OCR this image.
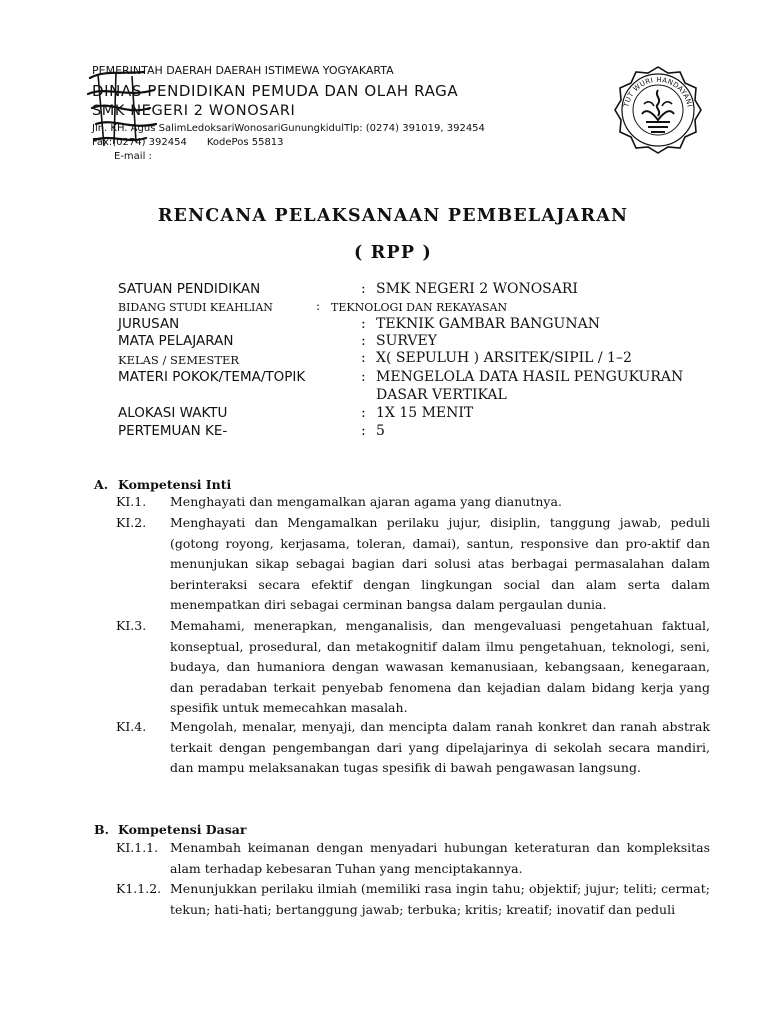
PEMERINTAH DAERAH DAERAH ISTIMEWA YOGYAKARTA
DINAS PENDIDIKAN PEMUDA DAN OLAH RAGA
SMK NEGERI 2 WONOSARI
Jln. KH. Agus SalimLedoksariWonosariGunungkidulTlp: (0274) 391019, 392454
Fax:(0274) 392454 KodePos 55813
E-mail :
TUT WURI HANDAYANI
RENCANA PELAKSANAAN PEMBELAJARAN
( RPP )
SATUAN PENDIDIKAN	: SMK NEGERI 2 WONOSARI
BIDANG STUDI KEAHLIAN	: TEKNOLOGI DAN REKAYASAN
JURUSAN	: TEKNIK GAMBAR BANGUNAN
MATA PELAJARAN	: SURVEY
KELAS / SEMESTER	: X( SEPULUH ) ARSITEK/SIPIL / 1–2
MATERI POKOK/TEMA/TOPIK	: MENGELOLA DATA HASIL PENGUKURAN
DASAR VERTIKAL
ALOKASI WAKTU	: 1X 15 MENIT
PERTEMUAN KE-	: 5
A. Kompetensi Inti
KI.1. Menghayati dan mengamalkan ajaran agama yang dianutnya.
KI.2. Menghayati dan Mengamalkan perilaku jujur, disiplin, tanggung jawab, peduli (gotong royong, kerjasama, toleran, damai), santun, responsive dan pro-aktif dan menunjukan sikap sebagai bagian dari solusi atas berbagai permasalahan dalam berinteraksi secara efektif dengan lingkungan social dan alam serta dalam menempatkan diri sebagai cerminan bangsa dalam pergaulan dunia.
KI.3. Memahami, menerapkan, menganalisis, dan mengevaluasi pengetahuan faktual, konseptual, prosedural, dan metakognitif dalam ilmu pengetahuan, teknologi, seni, budaya, dan humaniora dengan wawasan kemanusiaan, kebangsaan, kenegaraan, dan peradaban terkait penyebab fenomena dan kejadian dalam bidang kerja yang spesifik untuk memecahkan masalah.
KI.4. Mengolah, menalar, menyaji, dan mencipta dalam ranah konkret dan ranah abstrak terkait dengan pengembangan dari yang dipelajarinya di sekolah secara mandiri, dan mampu melaksanakan tugas spesifik di bawah pengawasan langsung.
B. Kompetensi Dasar
KI.1.1. Menambah keimanan dengan menyadari hubungan keteraturan dan kompleksitas alam terhadap kebesaran Tuhan yang menciptakannya.
K1.1.2. Menunjukkan perilaku ilmiah (memiliki rasa ingin tahu; objektif; jujur; teliti; cermat; tekun; hati-hati; bertanggung jawab; terbuka; kritis; kreatif; inovatif dan peduli
